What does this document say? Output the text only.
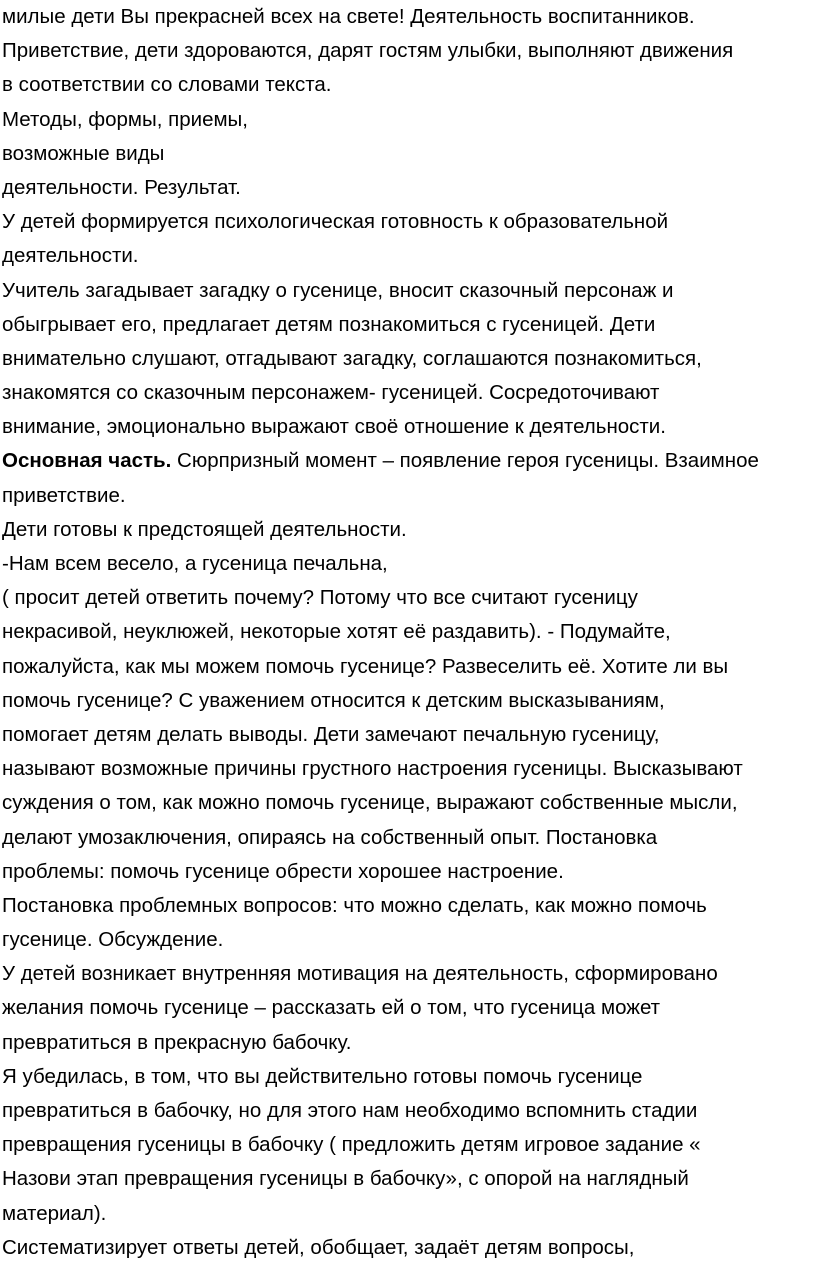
милые дети Вы прекрасней всех на свете! Деятельность воспитанников.
Приветствие, дети здороваются, дарят гостям улыбки, выполняют движения
в соответствии со словами текста.
Методы, формы, приемы,
возможные виды
деятельности. Результат.
У детей формируется психологическая готовность к образовательной
деятельности.
Учитель загадывает загадку о гусенице, вносит сказочный персонаж и
обыгрывает его, предлагает детям познакомиться с гусеницей. Дети
внимательно слушают, отгадывают загадку, соглашаются познакомиться,
знакомятся со сказочным персонажем- гусеницей. Сосредоточивают
внимание, эмоционально выражают своё отношение к деятельности.
Основная часть. Сюрпризный момент – появление героя гусеницы. Взаимное
приветствие.
Дети готовы к предстоящей деятельности.
-Нам всем весело, а гусеница печальна,
( просит детей ответить почему? Потому что все считают гусеницу
некрасивой, неуклюжей, некоторые хотят её раздавить). - Подумайте,
пожалуйста, как мы можем помочь гусенице? Развеселить её. Хотите ли вы
помочь гусенице? С уважением относится к детским высказываниям,
помогает детям делать выводы. Дети замечают печальную гусеницу,
называют возможные причины грустного настроения гусеницы. Высказывают
суждения о том, как можно помочь гусенице, выражают собственные мысли,
делают умозаключения, опираясь на собственный опыт. Постановка
проблемы: помочь гусенице обрести хорошее настроение.
Постановка проблемных вопросов: что можно сделать, как можно помочь
гусенице. Обсуждение.
У детей возникает внутренняя мотивация на деятельность, сформировано
желания помочь гусенице – рассказать ей о том, что гусеница может
превратиться в прекрасную бабочку.
Я убедилась, в том, что вы действительно готовы помочь гусенице
превратиться в бабочку, но для этого нам необходимо вспомнить стадии
превращения гусеницы в бабочку ( предложить детям игровое задание «
Назови этап превращения гусеницы в бабочку», с опорой на наглядный
материал).
Систематизирует ответы детей, обобщает, задаёт детям вопросы,
